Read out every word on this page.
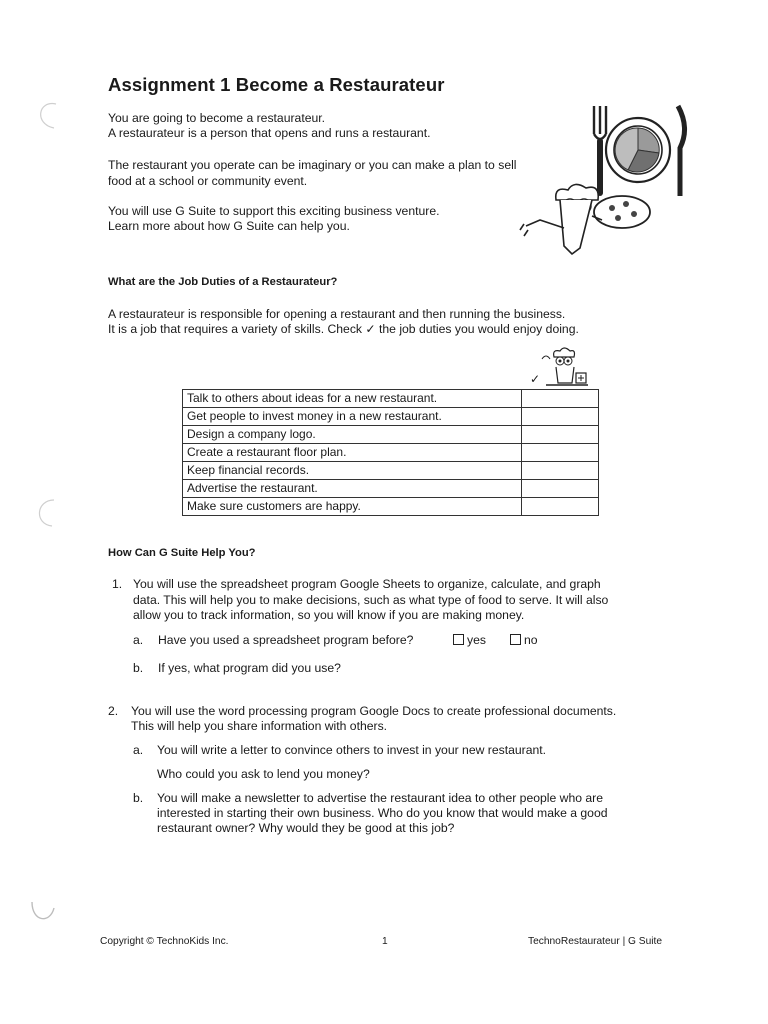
Assignment 1 Become a Restaurateur
You are going to become a restaurateur.
A restaurateur is a person that opens and runs a restaurant.
The restaurant you operate can be imaginary or you can make a plan to sell
food at a school or community event.
You will use G Suite to support this exciting business venture.
Learn more about how G Suite can help you.
What are the Job Duties of a Restaurateur?
A restaurateur is responsible for opening a restaurant and then running the business.
It is a job that requires a variety of skills. Check ✓ the job duties you would enjoy doing.
✓
Talk to others about ideas for a new restaurant.	
Get people to invest money in a new restaurant.	
Design a company logo.	
Create a restaurant floor plan.	
Keep financial records.	
Advertise the restaurant.	
Make sure customers are happy.	
How Can G Suite Help You?
1. You will use the spreadsheet program Google Sheets to organize, calculate, and graph
data. This will help you to make decisions, such as what type of food to serve. It will also
allow you to track information, so you will know if you are making money.
a. Have you used a spreadsheet program before?	yes	no
b. If yes, what program did you use?
2. You will use the word processing program Google Docs to create professional documents.
This will help you share information with others.
a. You will write a letter to convince others to invest in your new restaurant.
Who could you ask to lend you money?
b. You will make a newsletter to advertise the restaurant idea to other people who are
interested in starting their own business. Who do you know that would make a good
restaurant owner? Why would they be good at this job?
Copyright © TechnoKids Inc.	1	TechnoRestaurateur | G Suite
